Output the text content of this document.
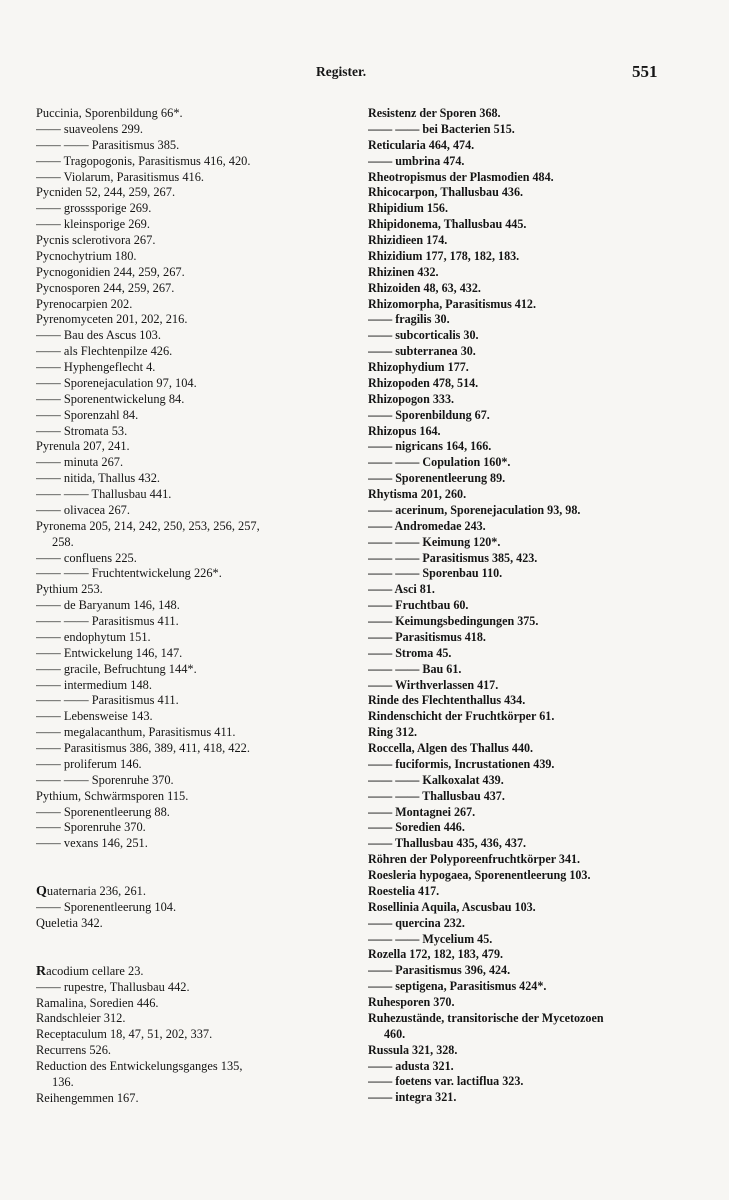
Register.	551
Puccinia, Sporenbildung 66*.
—— suaveolens 299.
—— —— Parasitismus 385.
—— Tragopogonis, Parasitismus 416, 420.
—— Violarum, Parasitismus 416.
Pycniden 52, 244, 259, 267.
—— grosssporige 269.
—— kleinsporige 269.
Pycnis sclerotivora 267.
Pycnochytrium 180.
Pycnogonidien 244, 259, 267.
Pycnosporen 244, 259, 267.
Pyrenocarpien 202.
Pyrenomyceten 201, 202, 216.
—— Bau des Ascus 103.
—— als Flechtenpilze 426.
—— Hyphengeflecht 4.
—— Sporenejaculation 97, 104.
—— Sporenentwickelung 84.
—— Sporenzahl 84.
—— Stromata 53.
Pyrenula 207, 241.
—— minuta 267.
—— nitida, Thallus 432.
—— —— Thallusbau 441.
—— olivacea 267.
Pyronema 205, 214, 242, 250, 253, 256, 257,
258.
—— confluens 225.
—— —— Fruchtentwickelung 226*.
Pythium 253.
—— de Baryanum 146, 148.
—— —— Parasitismus 411.
—— endophytum 151.
—— Entwickelung 146, 147.
—— gracile, Befruchtung 144*.
—— intermedium 148.
—— —— Parasitismus 411.
—— Lebensweise 143.
—— megalacanthum, Parasitismus 411.
—— Parasitismus 386, 389, 411, 418, 422.
—— proliferum 146.
—— —— Sporenruhe 370.
Pythium, Schwärmsporen 115.
—— Sporenentleerung 88.
—— Sporenruhe 370.
—— vexans 146, 251.
Quaternaria 236, 261.
—— Sporenentleerung 104.
Queletia 342.
Racodium cellare 23.
—— rupestre, Thallusbau 442.
Ramalina, Soredien 446.
Randschleier 312.
Receptaculum 18, 47, 51, 202, 337.
Recurrens 526.
Reduction des Entwickelungsganges 135,
136.
Reihengemmen 167.
Resistenz der Sporen 368.
—— —— bei Bacterien 515.
Reticularia 464, 474.
—— umbrina 474.
Rheotropismus der Plasmodien 484.
Rhicocarpon, Thallusbau 436.
Rhipidium 156.
Rhipidonema, Thallusbau 445.
Rhizidieen 174.
Rhizidium 177, 178, 182, 183.
Rhizinen 432.
Rhizoiden 48, 63, 432.
Rhizomorpha, Parasitismus 412.
—— fragilis 30.
—— subcorticalis 30.
—— subterranea 30.
Rhizophydium 177.
Rhizopoden 478, 514.
Rhizopogon 333.
—— Sporenbildung 67.
Rhizopus 164.
—— nigricans 164, 166.
—— —— Copulation 160*.
—— Sporenentleerung 89.
Rhytisma 201, 260.
—— acerinum, Sporenejaculation 93, 98.
—— Andromedae 243.
—— —— Keimung 120*.
—— —— Parasitismus 385, 423.
—— —— Sporenbau 110.
—— Asci 81.
—— Fruchtbau 60.
—— Keimungsbedingungen 375.
—— Parasitismus 418.
—— Stroma 45.
—— —— Bau 61.
—— Wirthverlassen 417.
Rinde des Flechtenthallus 434.
Rindenschicht der Fruchtkörper 61.
Ring 312.
Roccella, Algen des Thallus 440.
—— fuciformis, Incrustationen 439.
—— —— Kalkoxalat 439.
—— —— Thallusbau 437.
—— Montagnei 267.
—— Soredien 446.
—— Thallusbau 435, 436, 437.
Röhren der Polyporeenfruchtkörper 341.
Roesleria hypogaea, Sporenentleerung 103.
Roestelia 417.
Rosellinia Aquila, Ascusbau 103.
—— quercina 232.
—— —— Mycelium 45.
Rozella 172, 182, 183, 479.
—— Parasitismus 396, 424.
—— septigena, Parasitismus 424*.
Ruhesporen 370.
Ruhezustände, transitorische der Mycetozoen
460.
Russula 321, 328.
—— adusta 321.
—— foetens var. lactiflua 323.
—— integra 321.
